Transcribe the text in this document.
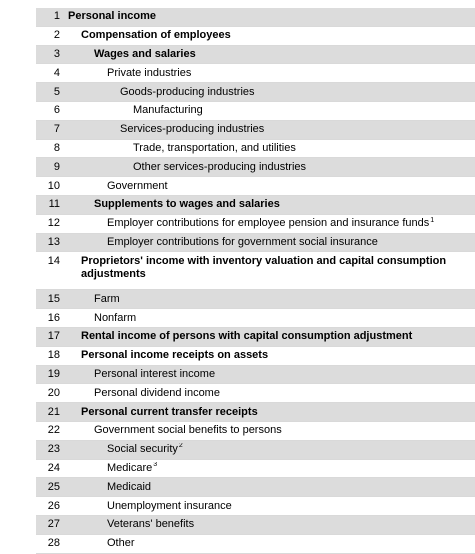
1 Personal income
2	Compensation of employees
3	Wages and salaries
4	Private industries
5	Goods-producing industries
6	Manufacturing
7	Services-producing industries
8	Trade, transportation, and utilities
9	Other services-producing industries
10	Government
11	Supplements to wages and salaries
12	Employer contributions for employee pension and insurance funds$^1$
13	Employer contributions for government social insurance
14	Proprietors' income with inventory valuation and capital consumption adjustments
15	Farm
16	Nonfarm
17	Rental income of persons with capital consumption adjustment
18	Personal income receipts on assets
19	Personal interest income
20	Personal dividend income
21	Personal current transfer receipts
22	Government social benefits to persons
23	Social security$^2$
24	Medicare$^3$
25	Medicaid
26	Unemployment insurance
27	Veterans' benefits
28	Other
